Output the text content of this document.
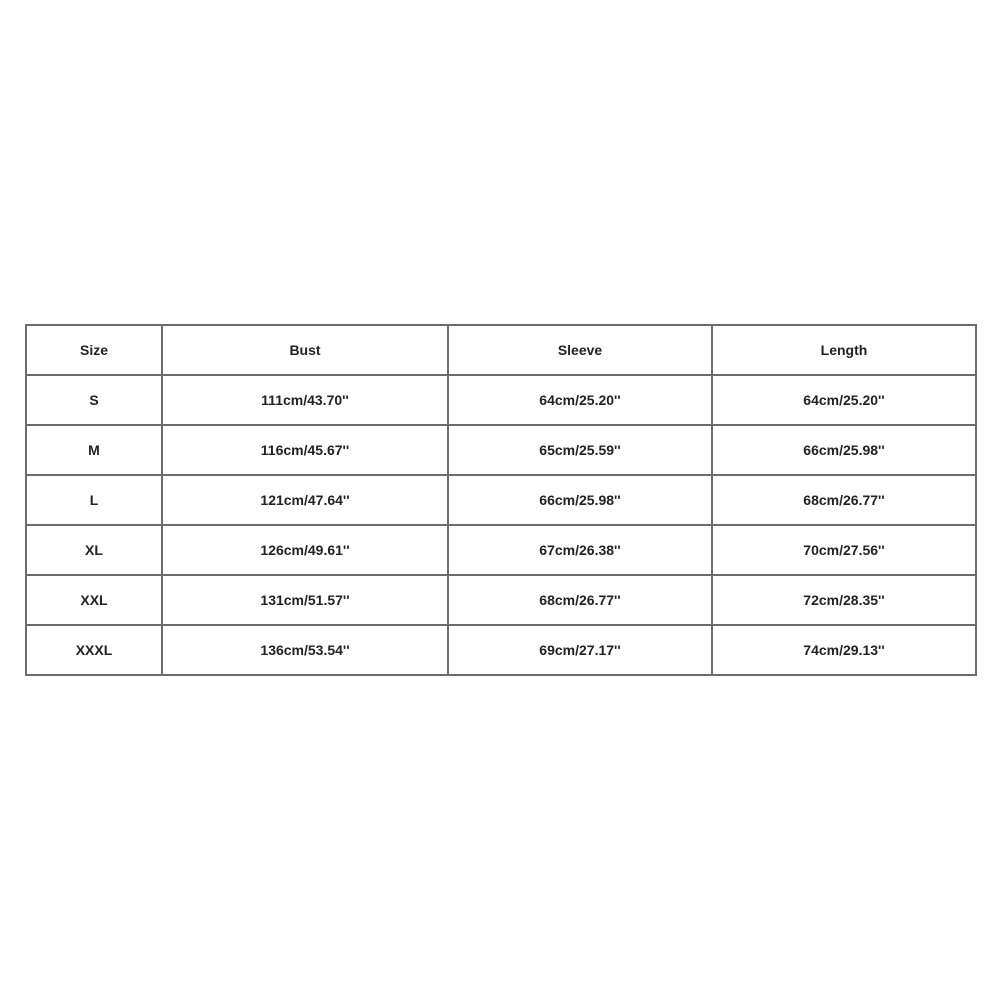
Size	Bust	Sleeve	Length
S	111cm/43.70''	64cm/25.20''	64cm/25.20''
M	116cm/45.67''	65cm/25.59''	66cm/25.98''
L	121cm/47.64''	66cm/25.98''	68cm/26.77''
XL	126cm/49.61''	67cm/26.38''	70cm/27.56''
XXL	131cm/51.57''	68cm/26.77''	72cm/28.35''
XXXL	136cm/53.54''	69cm/27.17''	74cm/29.13''
